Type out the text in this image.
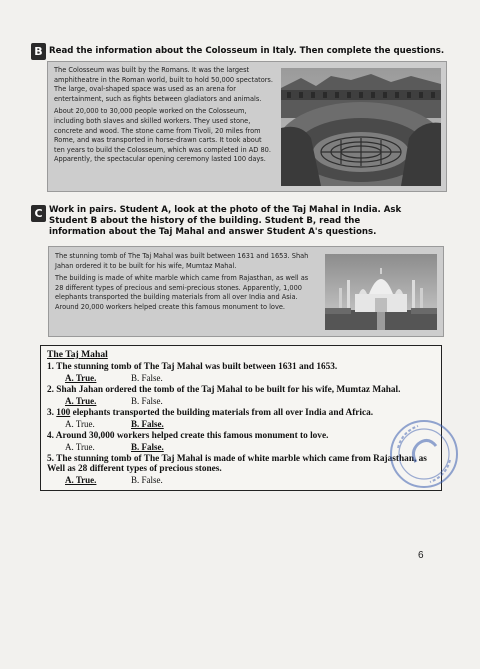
B Read the information about the Colosseum in Italy. Then complete the questions.

The Colosseum was built by the Romans. It was the largest amphitheatre in the Roman world, built to hold 50,000 spectators. The large, oval-shaped space was used as an arena for entertainment, such as fights between gladiators and animals.

About 20,000 to 30,000 people worked on the Colosseum, including both slaves and skilled workers. They used stone, concrete and wood. The stone came from Tivoli, 20 miles from Rome, and was transported in horse-drawn carts. It took about ten years to build the Colosseum, which was completed in AD 80. Apparently, the spectacular opening ceremony lasted 100 days.

C Work in pairs. Student A, look at the photo of the Taj Mahal in India. Ask Student B about the history of the building. Student B, read the information about the Taj Mahal and answer Student A's questions.

The stunning tomb of The Taj Mahal was built between 1631 and 1653. Shah Jahan ordered it to be built for his wife, Mumtaz Mahal.

The building is made of white marble which came from Rajasthan, as well as 28 different types of precious and semi-precious stones. Apparently, 1,000 elephants transported the building materials from all over India and Asia. Around 20,000 workers helped create this famous monument to love.

The Taj Mahal
1. The stunning tomb of The Taj Mahal was built between 1631 and 1653.
A. True.	B. False.
2. Shah Jahan ordered the tomb of the Taj Mahal to be built for his wife, Mumtaz Mahal.
A. True.	B. False.
3. 100 elephants transported the building materials from all over India and Africa.
A. True.	B. False.
4. Around 30,000 workers helped create this famous monument to love.
A. True.	B. False.
5. The stunning tomb of The Taj Mahal is made of white marble which came from Rajasthan, as Well as 28 different types of precious stones.
A. True.	B. False.
6
